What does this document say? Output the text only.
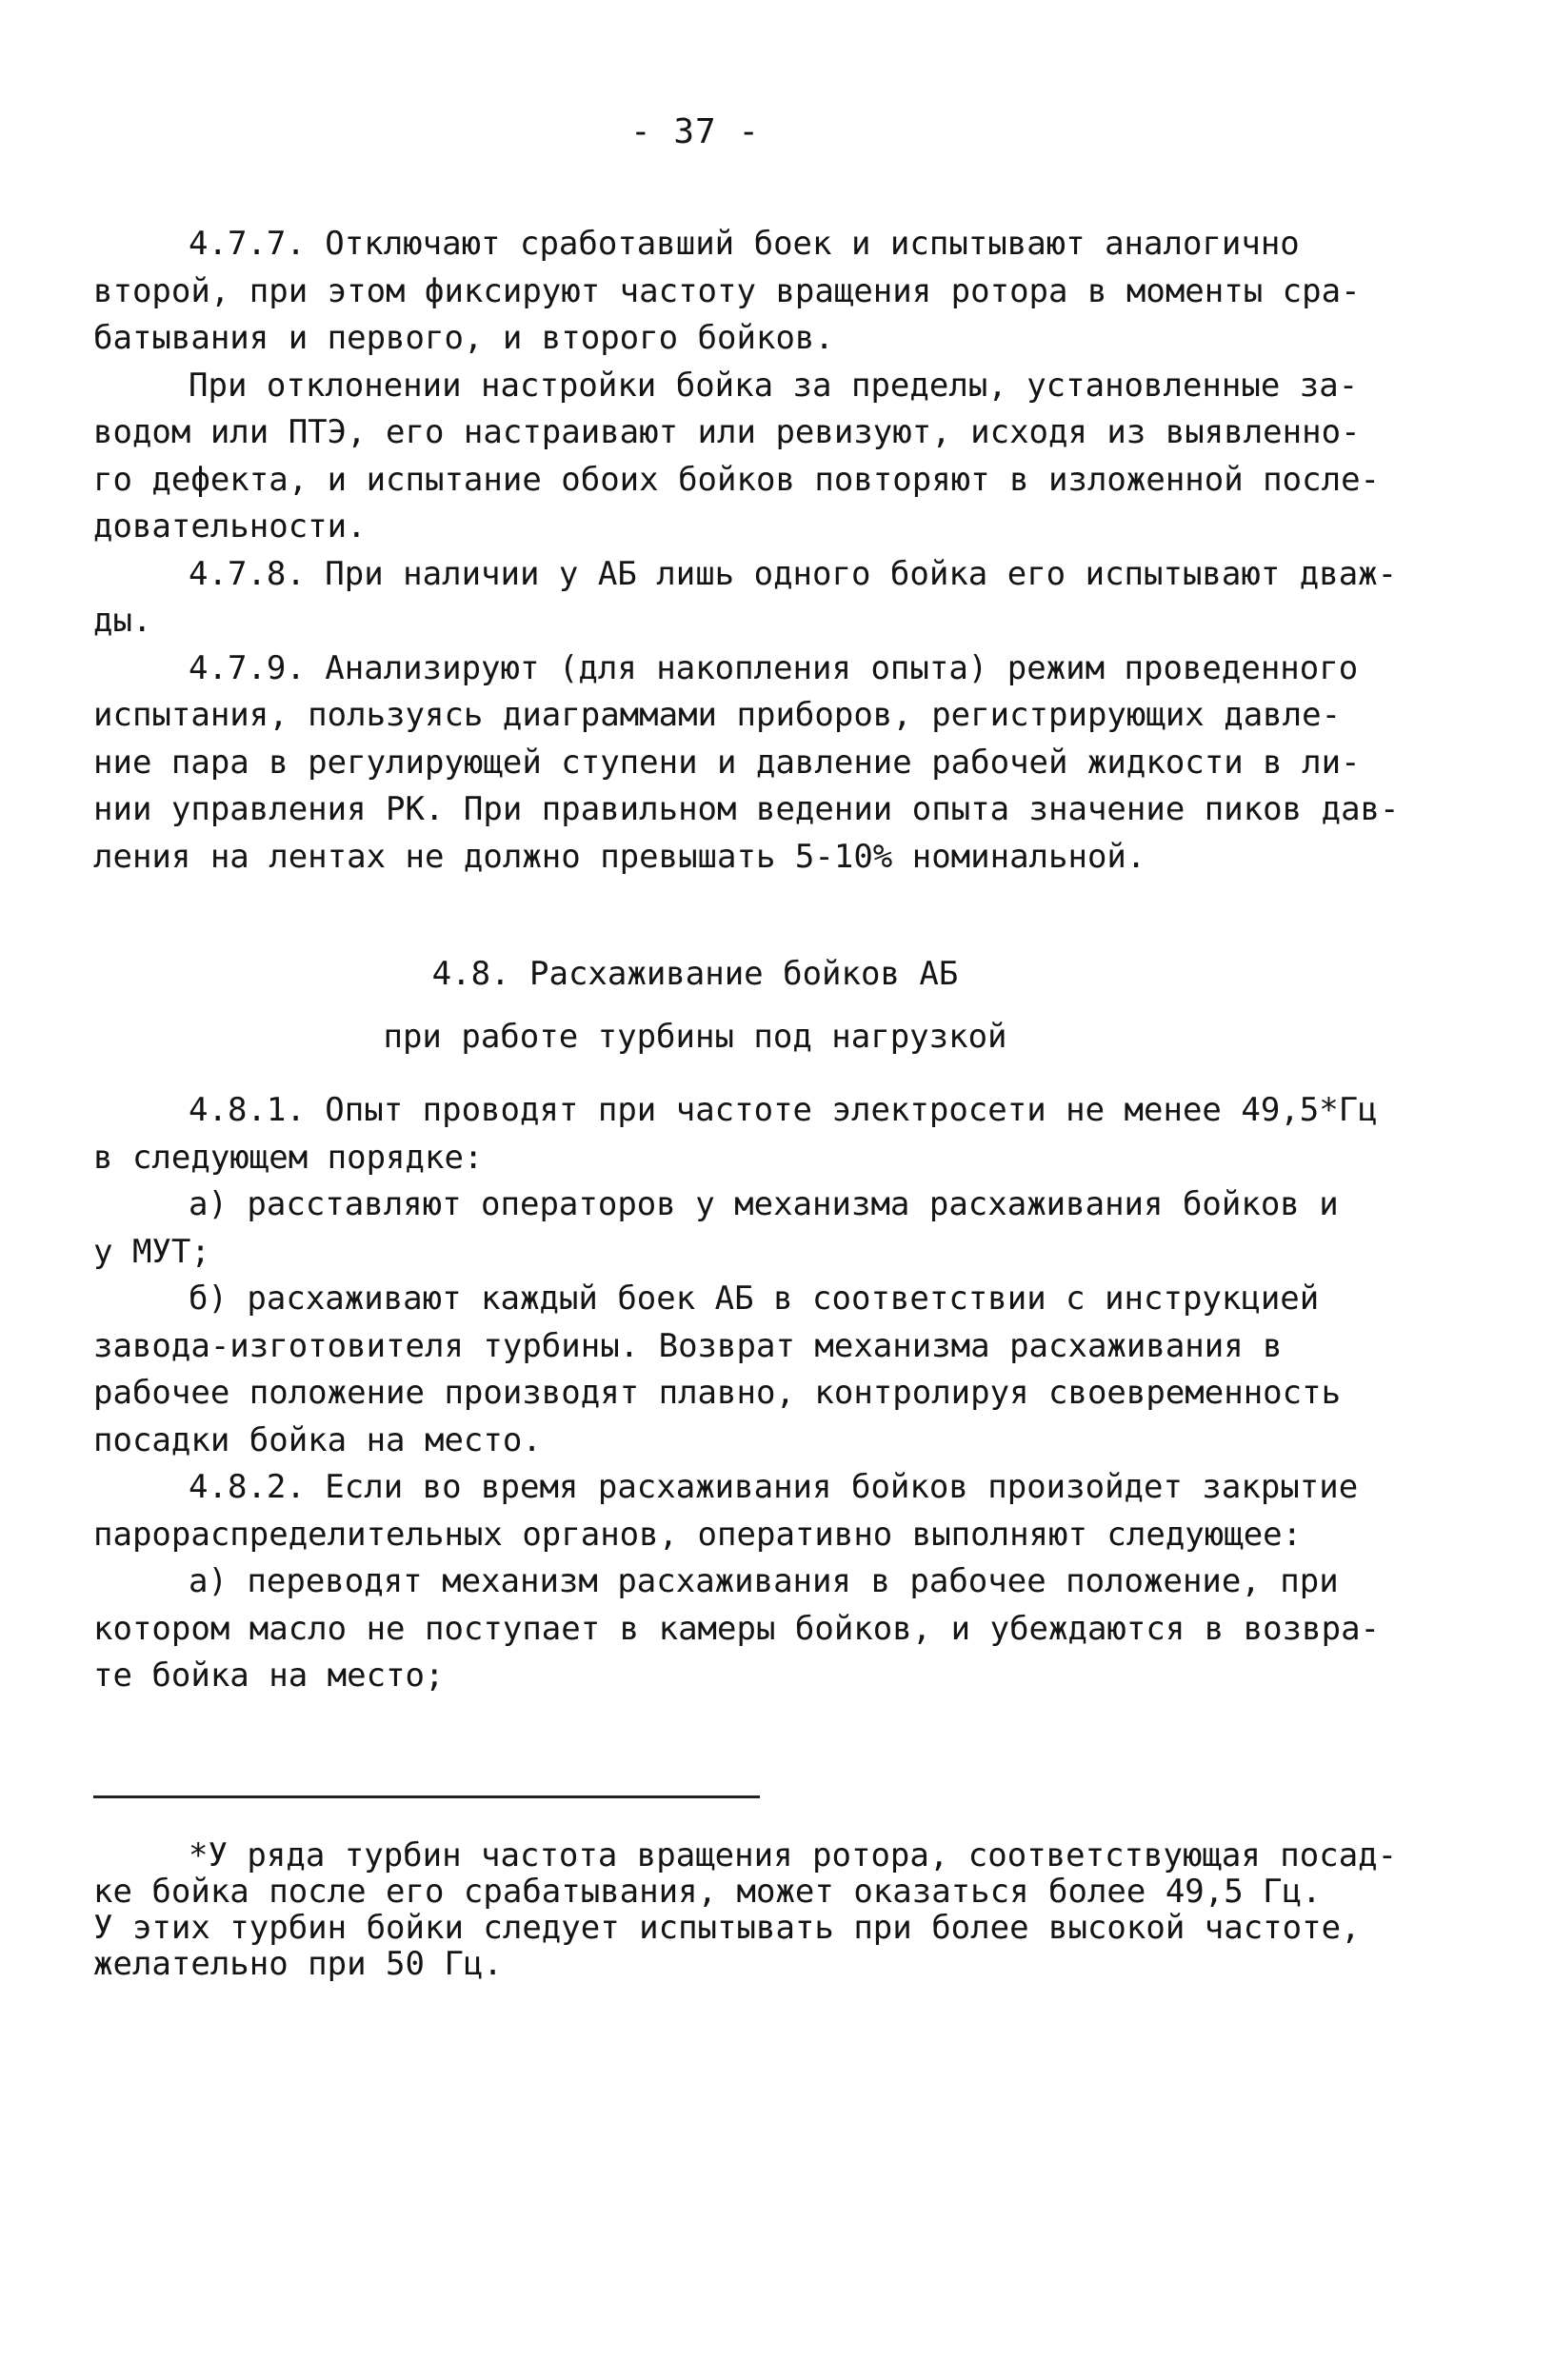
- 37 -
4.7.7. Отключают сработавший боек и испытывают аналогично
второй, при этом фиксируют частоту вращения ротора в моменты сра-
батывания и первого, и второго бойков.
При отклонении настройки бойка за пределы, установленные за-
водом или ПТЭ, его настраивают или ревизуют, исходя из выявленно-
го дефекта, и испытание обоих бойков повторяют в изложенной после-
довательности.
4.7.8. При наличии у АБ лишь одного бойка его испытывают дваж-
ды.
4.7.9. Анализируют (для накопления опыта) режим проведенного
испытания, пользуясь диаграммами приборов, регистрирующих давле-
ние пара в регулирующей ступени и давление рабочей жидкости в ли-
нии управления РК. При правильном ведении опыта значение пиков дав-
ления на лентах не должно превышать 5-10% номинальной.
4.8. Расхаживание бойков АБ
при работе турбины под нагрузкой
4.8.1. Опыт проводят при частоте электросети не менее 49,5*Гц
в следующем порядке:
а) расставляют операторов у механизма расхаживания бойков и
у МУТ;
б) расхаживают каждый боек АБ в соответствии с инструкцией
завода-изготовителя турбины. Возврат механизма расхаживания в
рабочее положение производят плавно, контролируя своевременность
посадки бойка на место.
4.8.2. Если во время расхаживания бойков произойдет закрытие
парораспределительных органов, оперативно выполняют следующее:
а) переводят механизм расхаживания в рабочее положение, при
котором масло не поступает в камеры бойков, и убеждаются в возвра-
те бойка на место;
*У ряда турбин частота вращения ротора, соответствующая посад-
ке бойка после его срабатывания, может оказаться более 49,5 Гц.
У этих турбин бойки следует испытывать при более высокой частоте,
желательно при 50 Гц.
